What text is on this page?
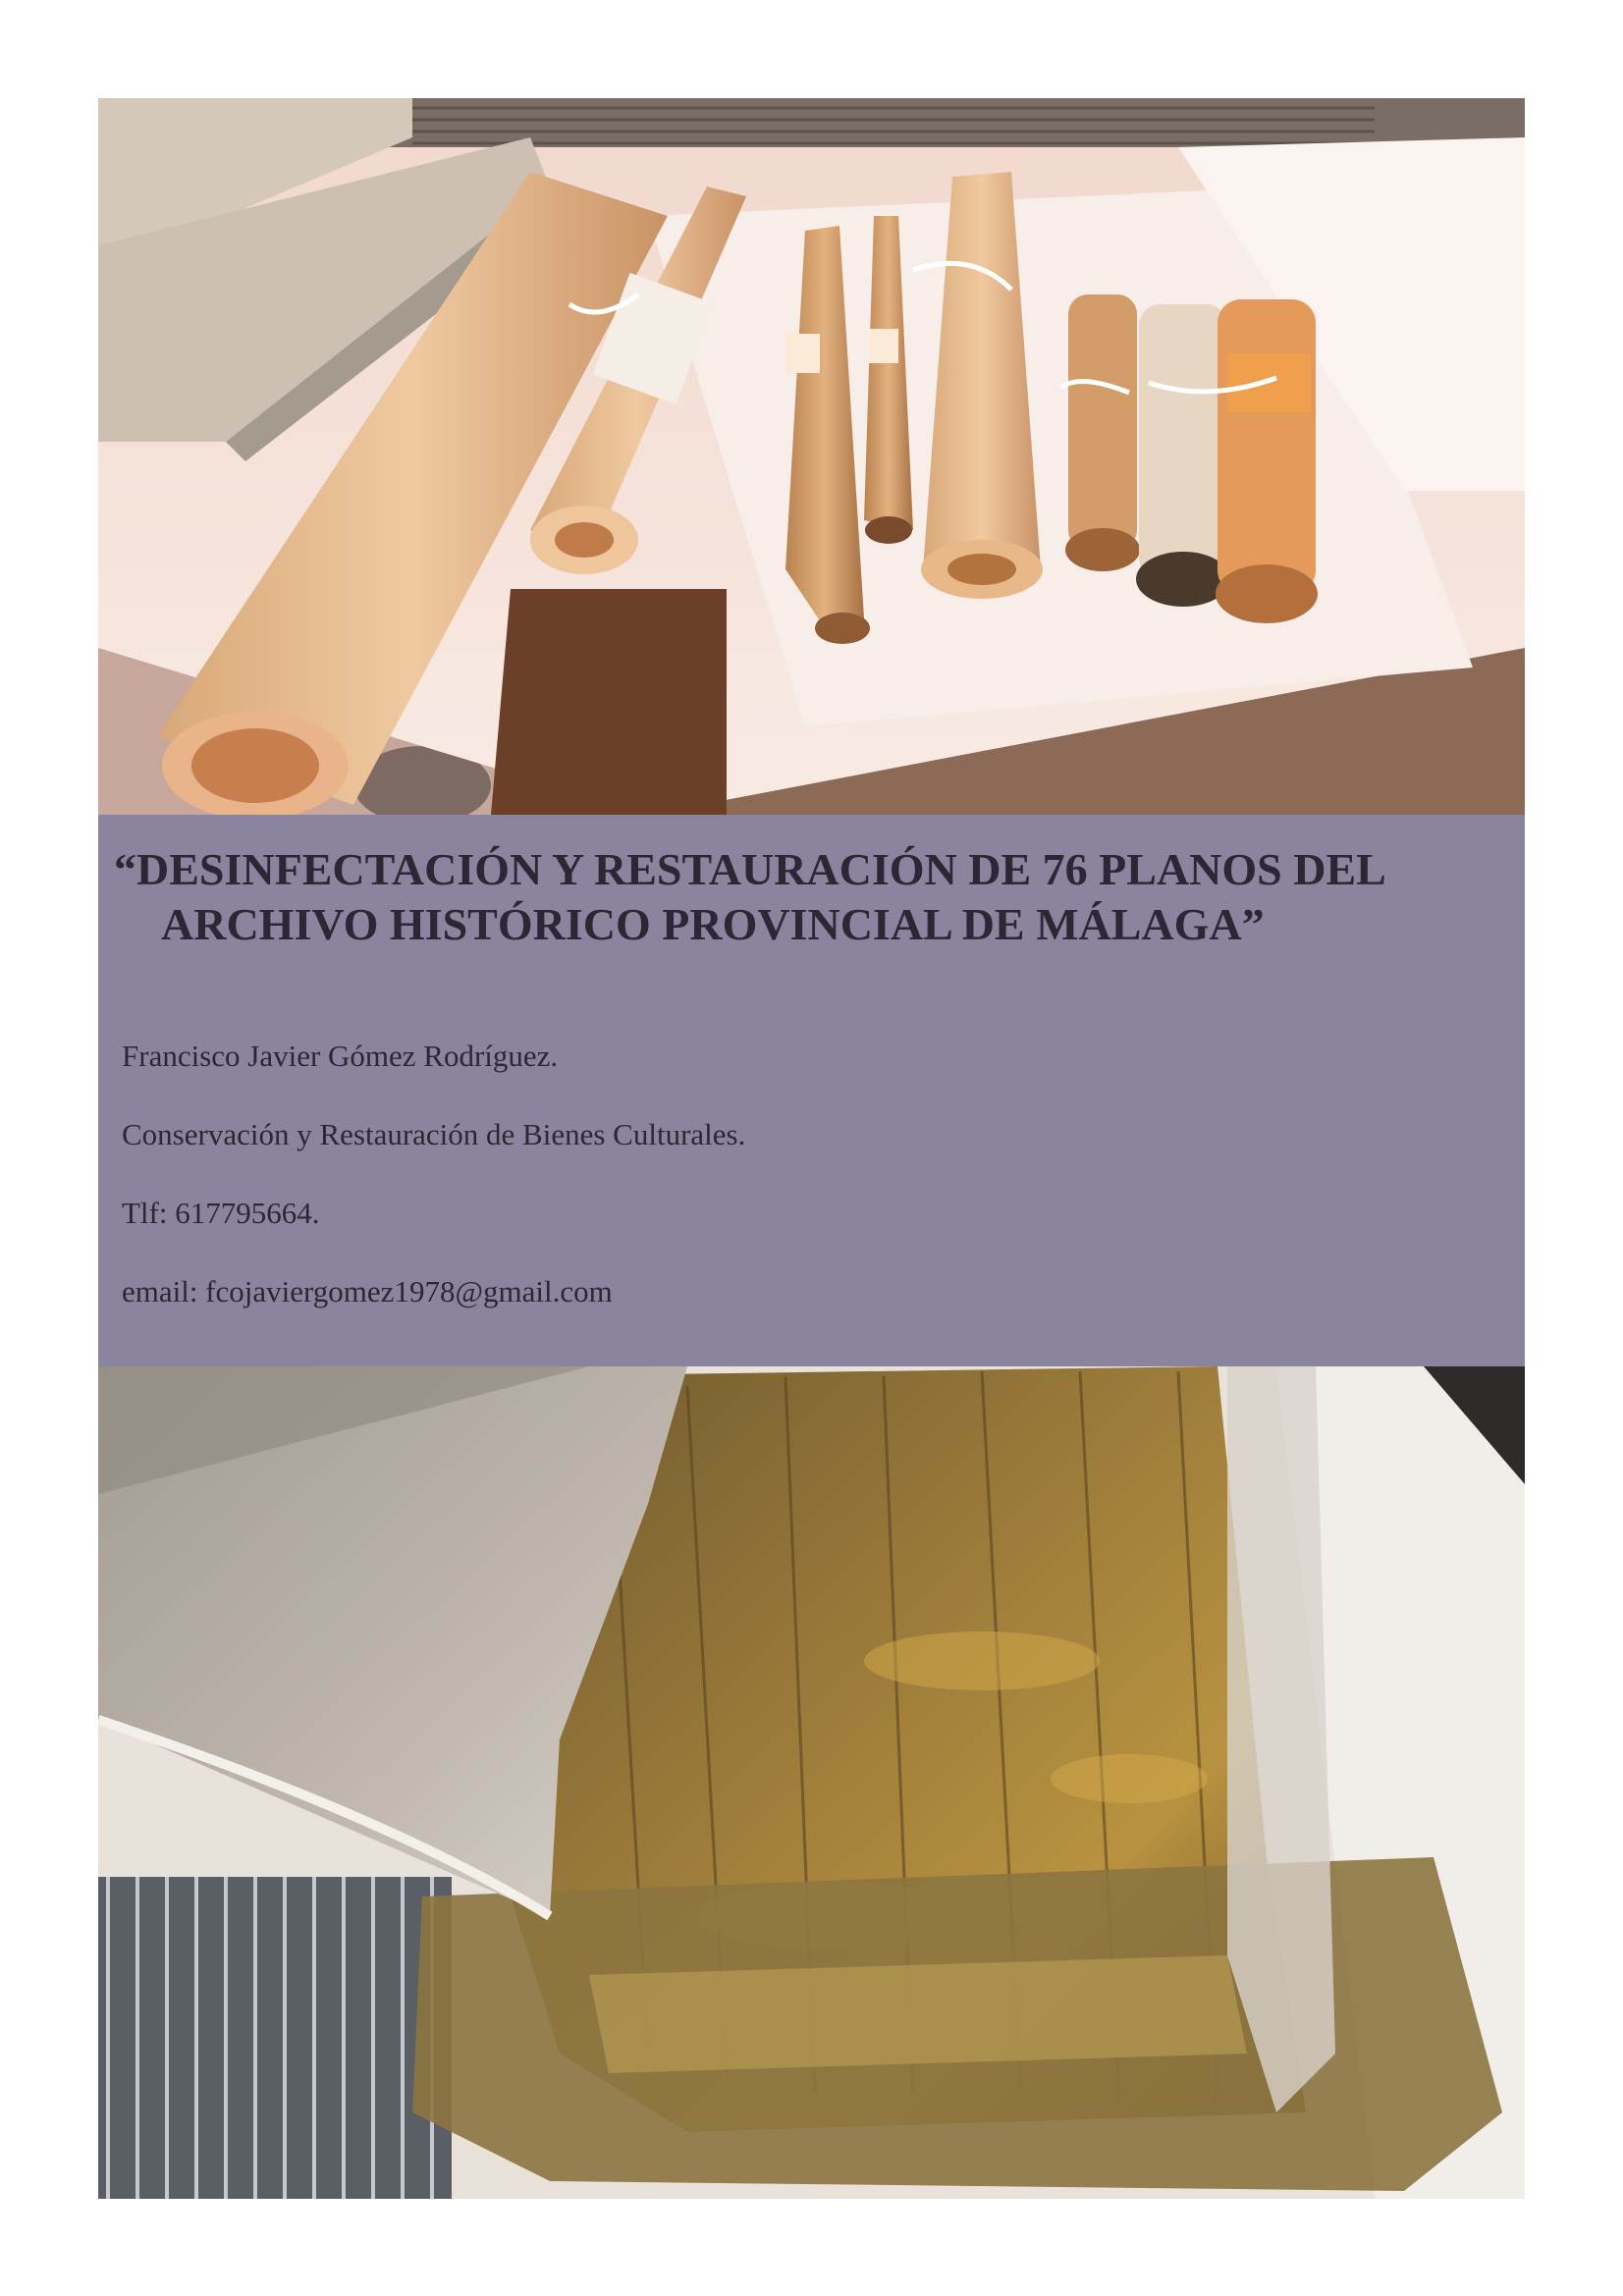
“DESINFECTACIÓN Y RESTAURACIÓN DE 76 PLANOS DEL
ARCHIVO HISTÓRICO PROVINCIAL DE MÁLAGA”
Francisco Javier Gómez Rodríguez.
Conservación y Restauración de Bienes Culturales.
Tlf: 617795664.
email: fcojaviergomez1978@gmail.com
